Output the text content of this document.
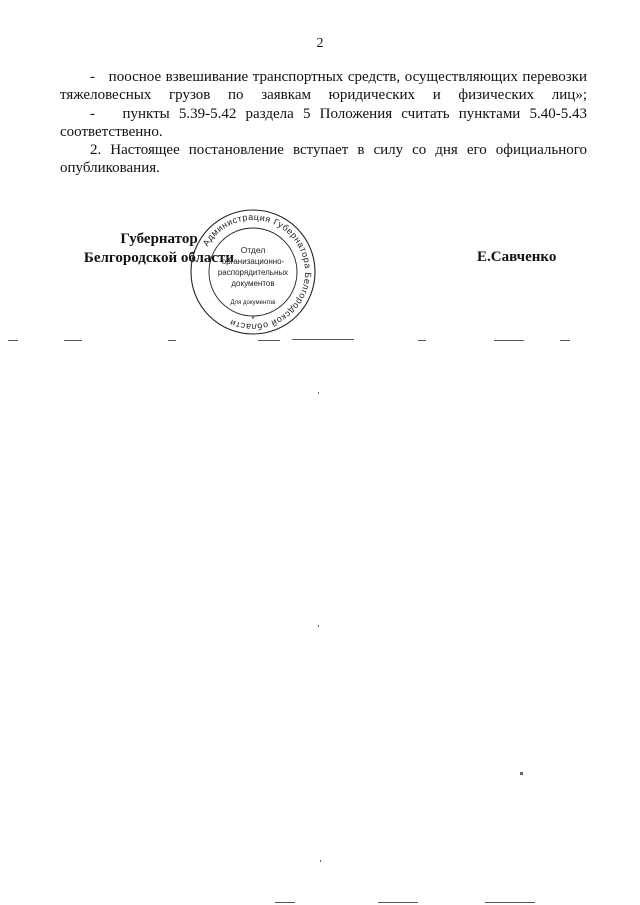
2
-   поосное взвешивание транспортных средств, осуществляющих перевозки тяжеловесных грузов по заявкам юридических и физических лиц»;
-   пункты 5.39-5.42 раздела 5 Положения считать пунктами 5.40-5.43 соответственно.
2. Настоящее постановление вступает в силу со дня его официального опубликования.
Губернатор
Белгородской области
Администрация Губернатора Белгородской области
Отдел
организационно-
распорядительных
документов
Для документов
*
Е.Савченко
